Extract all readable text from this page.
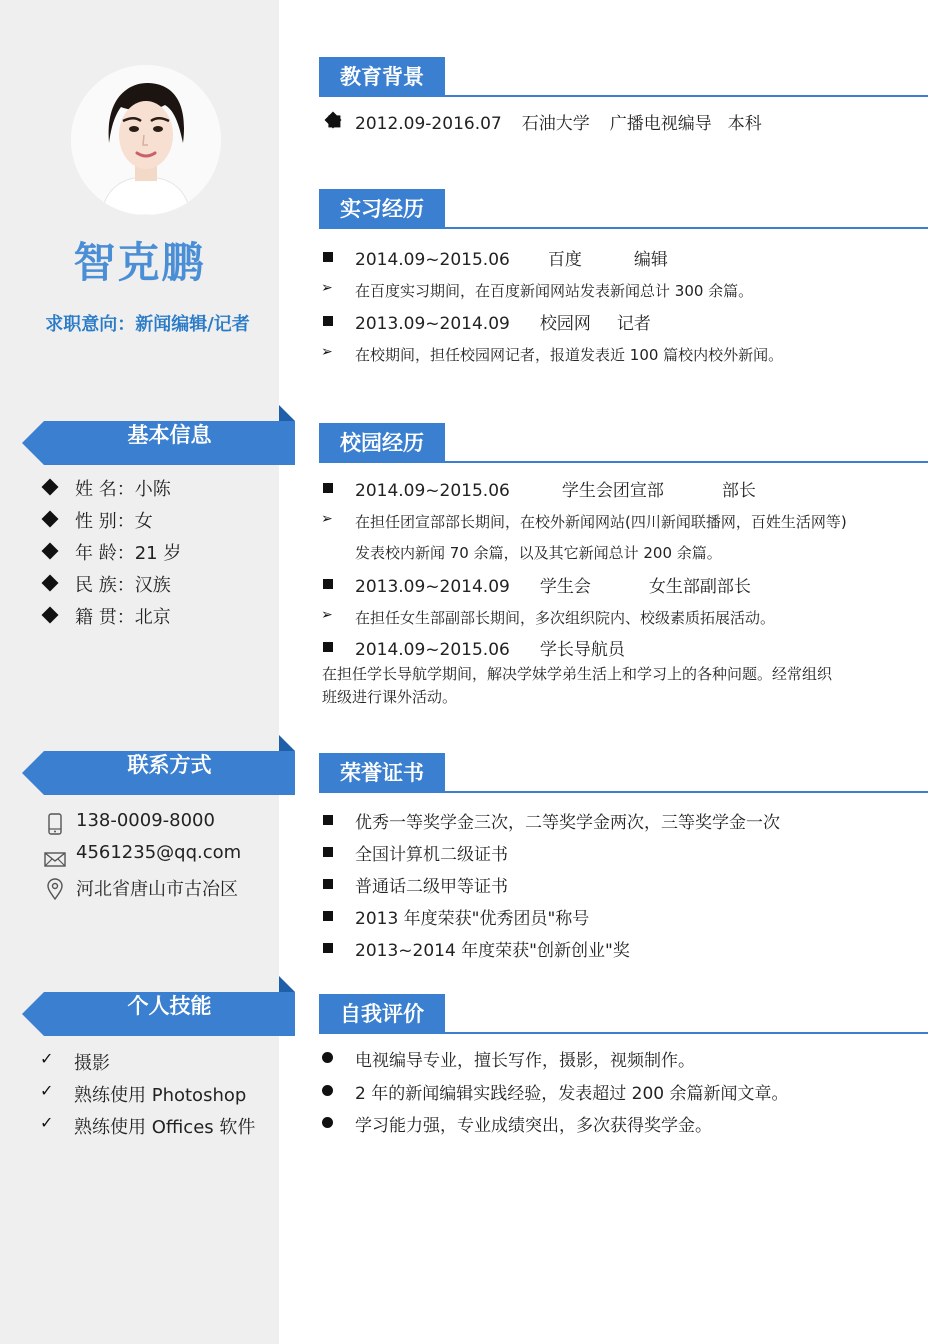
智克鹏
求职意向：新闻编辑/记者
基本信息
姓 名：小陈
性 别：女
年 龄：21 岁
民 族：汉族
籍 贯：北京
联系方式
138-0009-8000
4561235@qq.com
河北省唐山市古冶区
个人技能
✓ 摄影
✓ 熟练使用 Photoshop
✓ 熟练使用 Offices 软件
教育背景
2012.09-2016.07 石油大学 广播电视编导 本科
实习经历
2014.09~2015.06 百度	编辑
➢ 在百度实习期间，在百度新闻网站发表新闻总计 300 余篇。
2013.09~2014.09 校园网 记者
➢ 在校期间，担任校园网记者，报道发表近 100 篇校内校外新闻。
校园经历
2014.09~2015.06	学生会团宣部	部长
➢ 在担任团宣部部长期间，在校外新闻网站(四川新闻联播网，百姓生活网等)
发表校内新闻 70 余篇，以及其它新闻总计 200 余篇。
2013.09~2014.09 学生会	女生部副部长
➢ 在担任女生部副部长期间，多次组织院内、校级素质拓展活动。
2014.09~2015.06 学长导航员
在担任学长导航学期间，解决学妹学弟生活上和学习上的各种问题。经常组织
班级进行课外活动。
荣誉证书
优秀一等奖学金三次，二等奖学金两次，三等奖学金一次
全国计算机二级证书
普通话二级甲等证书
2013 年度荣获"优秀团员"称号
2013~2014 年度荣获"创新创业"奖
自我评价
电视编导专业，擅长写作，摄影，视频制作。
2 年的新闻编辑实践经验，发表超过 200 余篇新闻文章。
学习能力强，专业成绩突出，多次获得奖学金。
